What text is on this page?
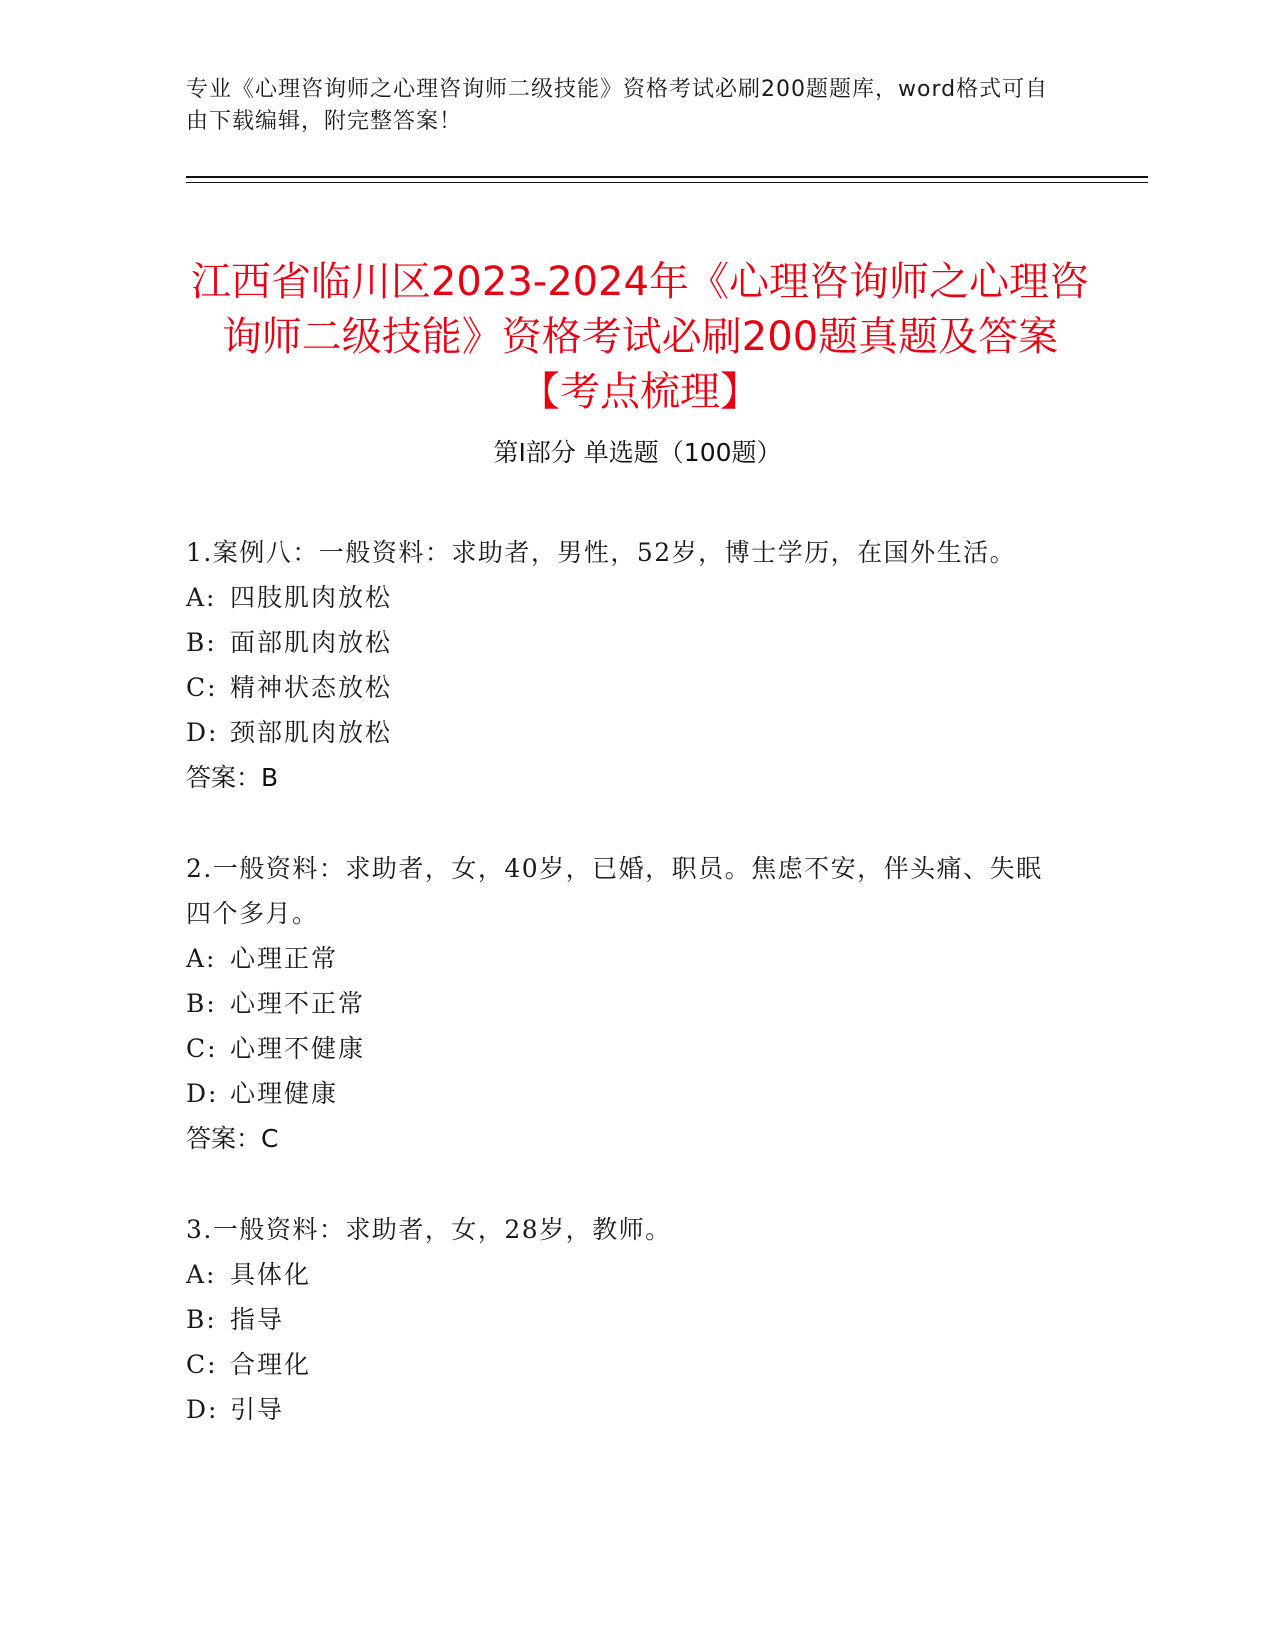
专业《心理咨询师之心理咨询师二级技能》资格考试必刷200题题库，word格式可自由下载编辑，附完整答案！
江西省临川区2023-2024年《心理咨询师之心理咨询师二级技能》资格考试必刷200题真题及答案【考点梳理】
第I部分 单选题（100题）

1.案例八：一般资料：求助者，男性，52岁，博士学历，在国外生活。

A: 四肢肌肉放松

B: 面部肌肉放松

C: 精神状态放松

D: 颈部肌肉放松

答案：B

2.一般资料：求助者，女，40岁，已婚，职员。焦虑不安，伴头痛、失眠四个多月。

A: 心理正常

B: 心理不正常

C: 心理不健康

D: 心理健康

答案：C

3.一般资料：求助者，女，28岁，教师。

A: 具体化

B: 指导

C: 合理化

D: 引导
